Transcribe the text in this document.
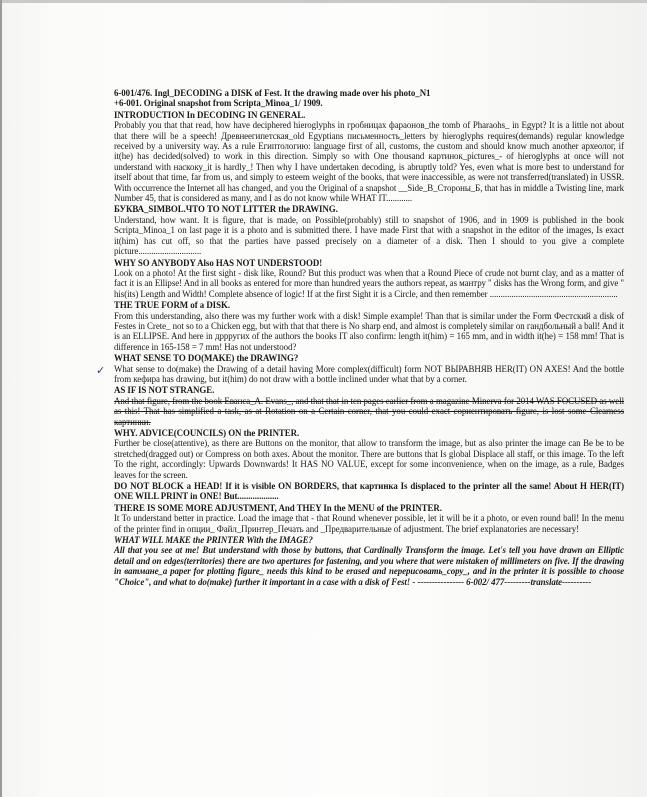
✓

6-001/476. Ingl_DECODING a DISK of Fest. It the drawing made over his photo_N1

+6-001. Original snapshot from Scripta_Minoa_1/ 1909.

INTRODUCTION In DECODING IN GENERAL.

Probably you that that read, how have deciphered hieroglyphs in гробницах фараонов_the tomb of Pharaohs_ in Egypt? It is a little not about that there will be a speech! Древнеегипетская_old Egyptians письменность_letters by hieroglyphs requires(demands) regular knowledge received by a university way. As a rule Египтологию: language first of all, customs, the custom and should know much another археолог, if it(he) has decided(solved) to work in this direction. Simply so with One thousand картинок_pictures_- of hieroglyphs at once will not understand with наскоку_it is hardly_! Then why I have undertaken decoding, is abruptly told? Yes, even what is more best to understand for itself about that time, far from us, and simply to esteem weight of the books, that were inaccessible, as were not transferred(translated) in USSR. With occurrence the Internet all has changed, and you the Original of a snapshot __Side_B_Стороны_Б, that has in middle a Twisting line, mark Number 45, that is considered as many, and I as do not know while WHAT IT............

БУКВА_SIMBOL.ЧТО TO NOT LITTER the DRAWING.

Understand, how want. It is figure, that is made, on Possible(probably) still to snapshot of 1906, and in 1909 is published in the book Scripta_Minoa_1 on last page it is a photo and is submitted there. I have made First that with a snapshot in the editor of the images, Is exact it(him) has cut off, so that the parties have passed precisely on a diameter of a disk. Then I should to you give a complete picture.............................

WHY SO ANYBODY Also HAS NOT UNDERSTOOD!

Look on a photo! At the first sight - disk like, Round? But this product was when that a Round Piece of crude not burnt clay, and as a matter of fact it is an Ellipse! And in all books as entered for more than hundred years the authors repeat, as мантру " disks has the Wrong form, and give " his(its) Length and Width! Complete absence of logic! If at the first Sight it is a Circle, and then remember ...........................................................

THE TRUE FORM of a DISK.

From this understanding, also there was my further work with a disk! Simple example! Than that is similar under the Form Фестский a disk of Festes in Crete_ not so to a Chicken egg, but with that that there is No sharp end, and almost is completely similar on гандбольный a ball! And it is an ELLIPSE. And here in дррругих of the authors the books IT also confirm: length it(him) = 165 mm, and in width it(he) = 158 mm! That is difference in 165-158 = 7 mm! Has not understood?

WHAT SENSE TO DO(MAKE) the DRAWING?

What sense to do(make) the Drawing of a detail having More complex(difficult) form NOT ВЫРАВНЯВ HER(IT) ON AXES! And the bottle from кефира has drawing, but it(him) do not draw with a bottle inclined under what that by a corner.

AS IF IS NOT STRANGE.

And that figure, from the book Евансa_A. Evans_, and that that in ten pages earlier from a magazine Minerva for 2014 WAS FOCUSED as well as this! That has simplified a task, as at Rotation on a Certain corner, that you could exact сориентировать figure, is lost some Clearness картинки.

WHY. ADVICE(COUNCILS) ON the PRINTER.

Further be close(attentive), as there are Buttons on the monitor, that allow to transform the image, but as also printer the image can Be be to be stretched(dragged out) or Compress on both axes. About the monitor. There are buttons that Is global Displace all staff, or this image. To the left To the right, accordingly: Upwards Downwards! It HAS NO VALUE, except for some inconvenience, when on the image, as a rule, Badges leaves for the screen.

DO NOT BLOCK a HEAD! If it is visible ON BORDERS, that картинка Is displaced to the printer all the same! About H HER(IT) ONE WILL PRINT in ONE! But...................

THERE IS SOME MORE ADJUSTMENT, And THEY In the MENU of the PRINTER.

It To understand better in practice. Load the image that - that Round whenever possible, let it will be it a photo, or even round ball! In the menu of the printer find in опции_ Файл_Принтер_Печать and _Предварительные of adjustment. The brief explanatories are necessary!

WHAT WILL MAKE the PRINTER With the IMAGE?

All that you see at me! But understand with those by buttons, that Cardinally Transform the image. Let's tell you have drawn an Elliptic detail and on edges(territories) there are two apertures for fastening, and you where that were mistaken of millimeters on five. If the drawing in ватмане_a paper for plotting figure_ needs this kind to be erased and перерисовать_copy_, and in the printer it is possible to choose "Choice", and what to do(make) further it important in a case with a disk of Fest! - ---------------- 6-002/ 477---------translate----------
